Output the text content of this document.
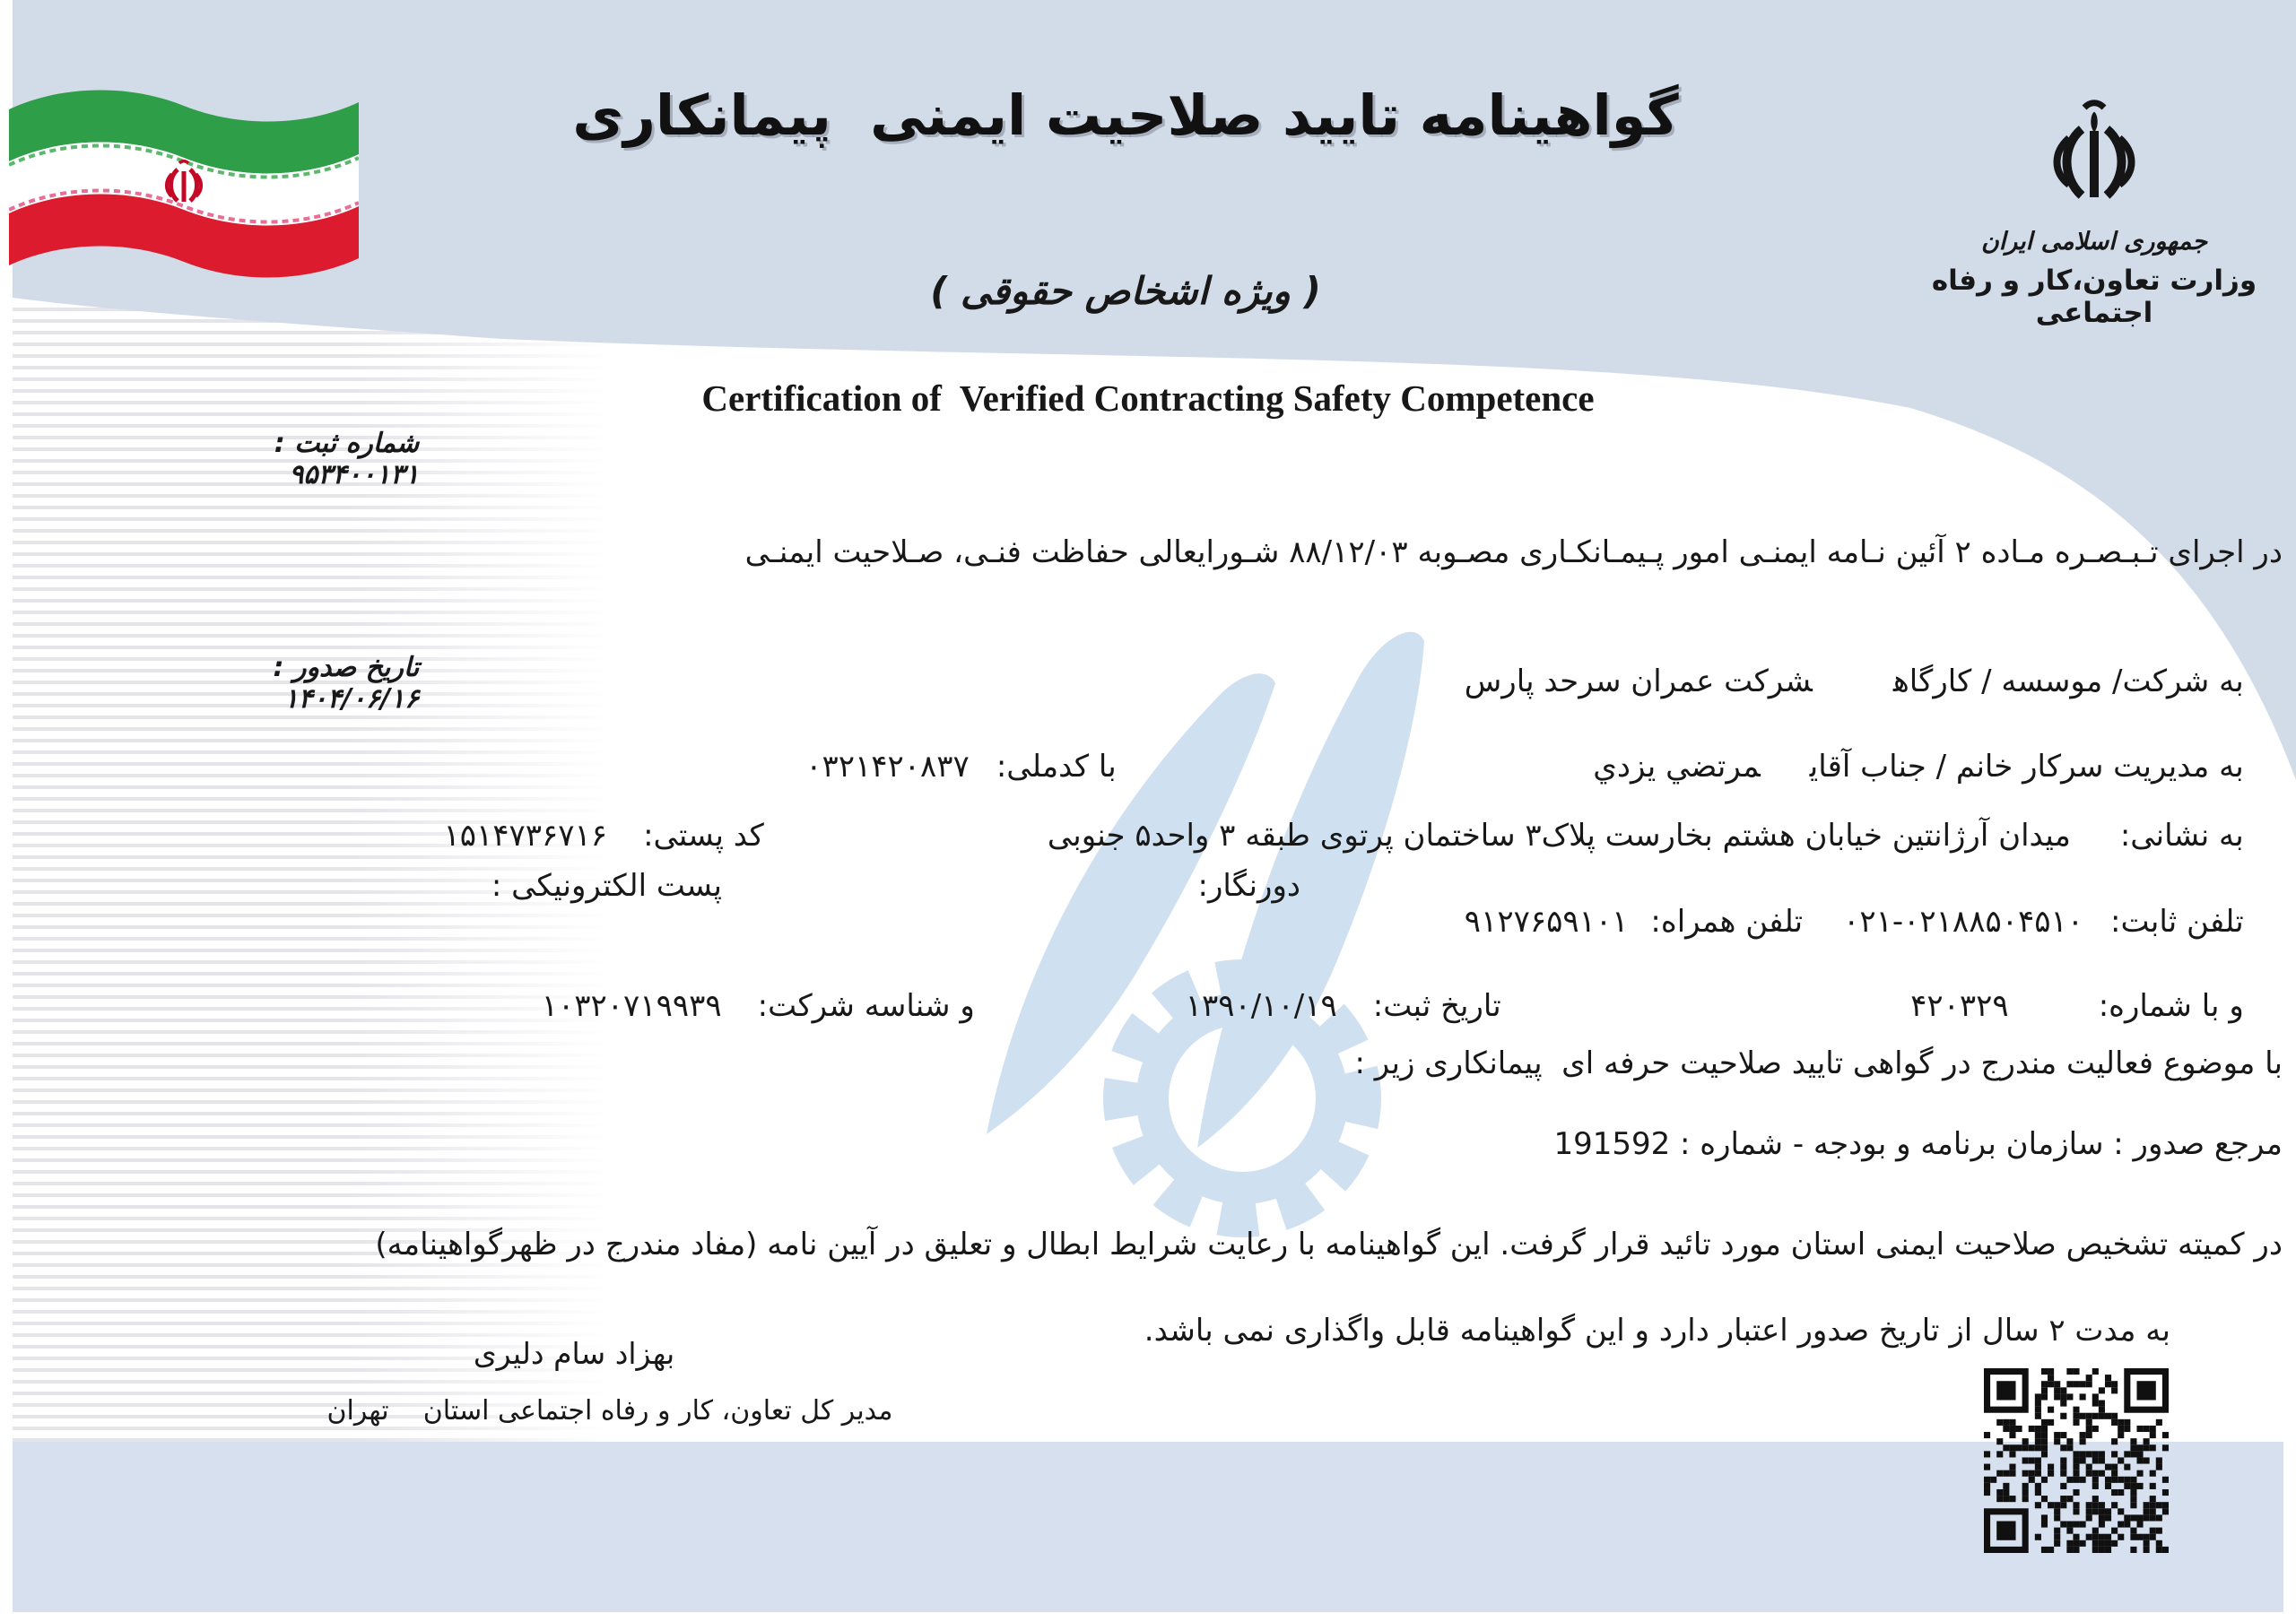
جمهوری اسلامی ایران
وزارت تعاون،کار و رفاه اجتماعی
گواهینامه تایید صلاحیت ایمنی  پیمانکاری
( ویژه اشخاص حقوقی )
Certification of  Verified Contracting Safety Competence

شماره ثبت :
۹۵۳۴۰۰۱۳۱

تاریخ صدور :
۱۴۰۴/۰۶/۱۶

در اجرای تـبـصـره مـاده ۲ آئین نـامه ایمنـی امور پـیمـانکـاری مصـوبه ۸۸/۱۲/۰۳ شـورایعالی حفاظت فنـی، صـلاحیت ایمنـی

به شرکت/ موسسه / کارگاهشرکت عمران سرحد پارس

به مدیریت سرکار خانم / جناب آقایمرتضي يزدي

با کدملی:۰۳۲۱۴۲۰۸۳۷

به نشانی:میدان آرژانتین خیابان هشتم بخارست پلاک۳ ساختمان پرتوی طبقه ۳ واحد۵ جنوبی

کد پستی:۱۵۱۴۷۳۶۷۱۶

تلفن ثابت:۰۲۱-۰۲۱۸۸۵۰۴۵۱۰تلفن همراه:۹۱۲۷۶۵۹۱۰۱

دورنگار:
پست الکترونیکی :

و با شماره:۴۲۰۳۲۹

تاریخ ثبت:۱۳۹۰/۱۰/۱۹

و شناسه شرکت:۱۰۳۲۰۷۱۹۹۳۹

با موضوع فعالیت مندرج در گواهی تایید صلاحیت حرفه ای  پیمانکاری زیر :
مرجع صدور : سازمان برنامه و بودجه - شماره : 191592
در کمیته تشخیص صلاحیت ایمنی استان مورد تائید قرار گرفت. این گواهینامه با رعایت شرایط ابطال و تعلیق در آیین نامه (مفاد مندرج در ظهرگواهینامه)
به مدت ۲ سال از تاریخ صدور اعتبار دارد و این گواهینامه قابل واگذاری نمی باشد.
بهزاد سام دلیری
مدیر کل تعاون، کار و رفاه اجتماعی استان    تهران
